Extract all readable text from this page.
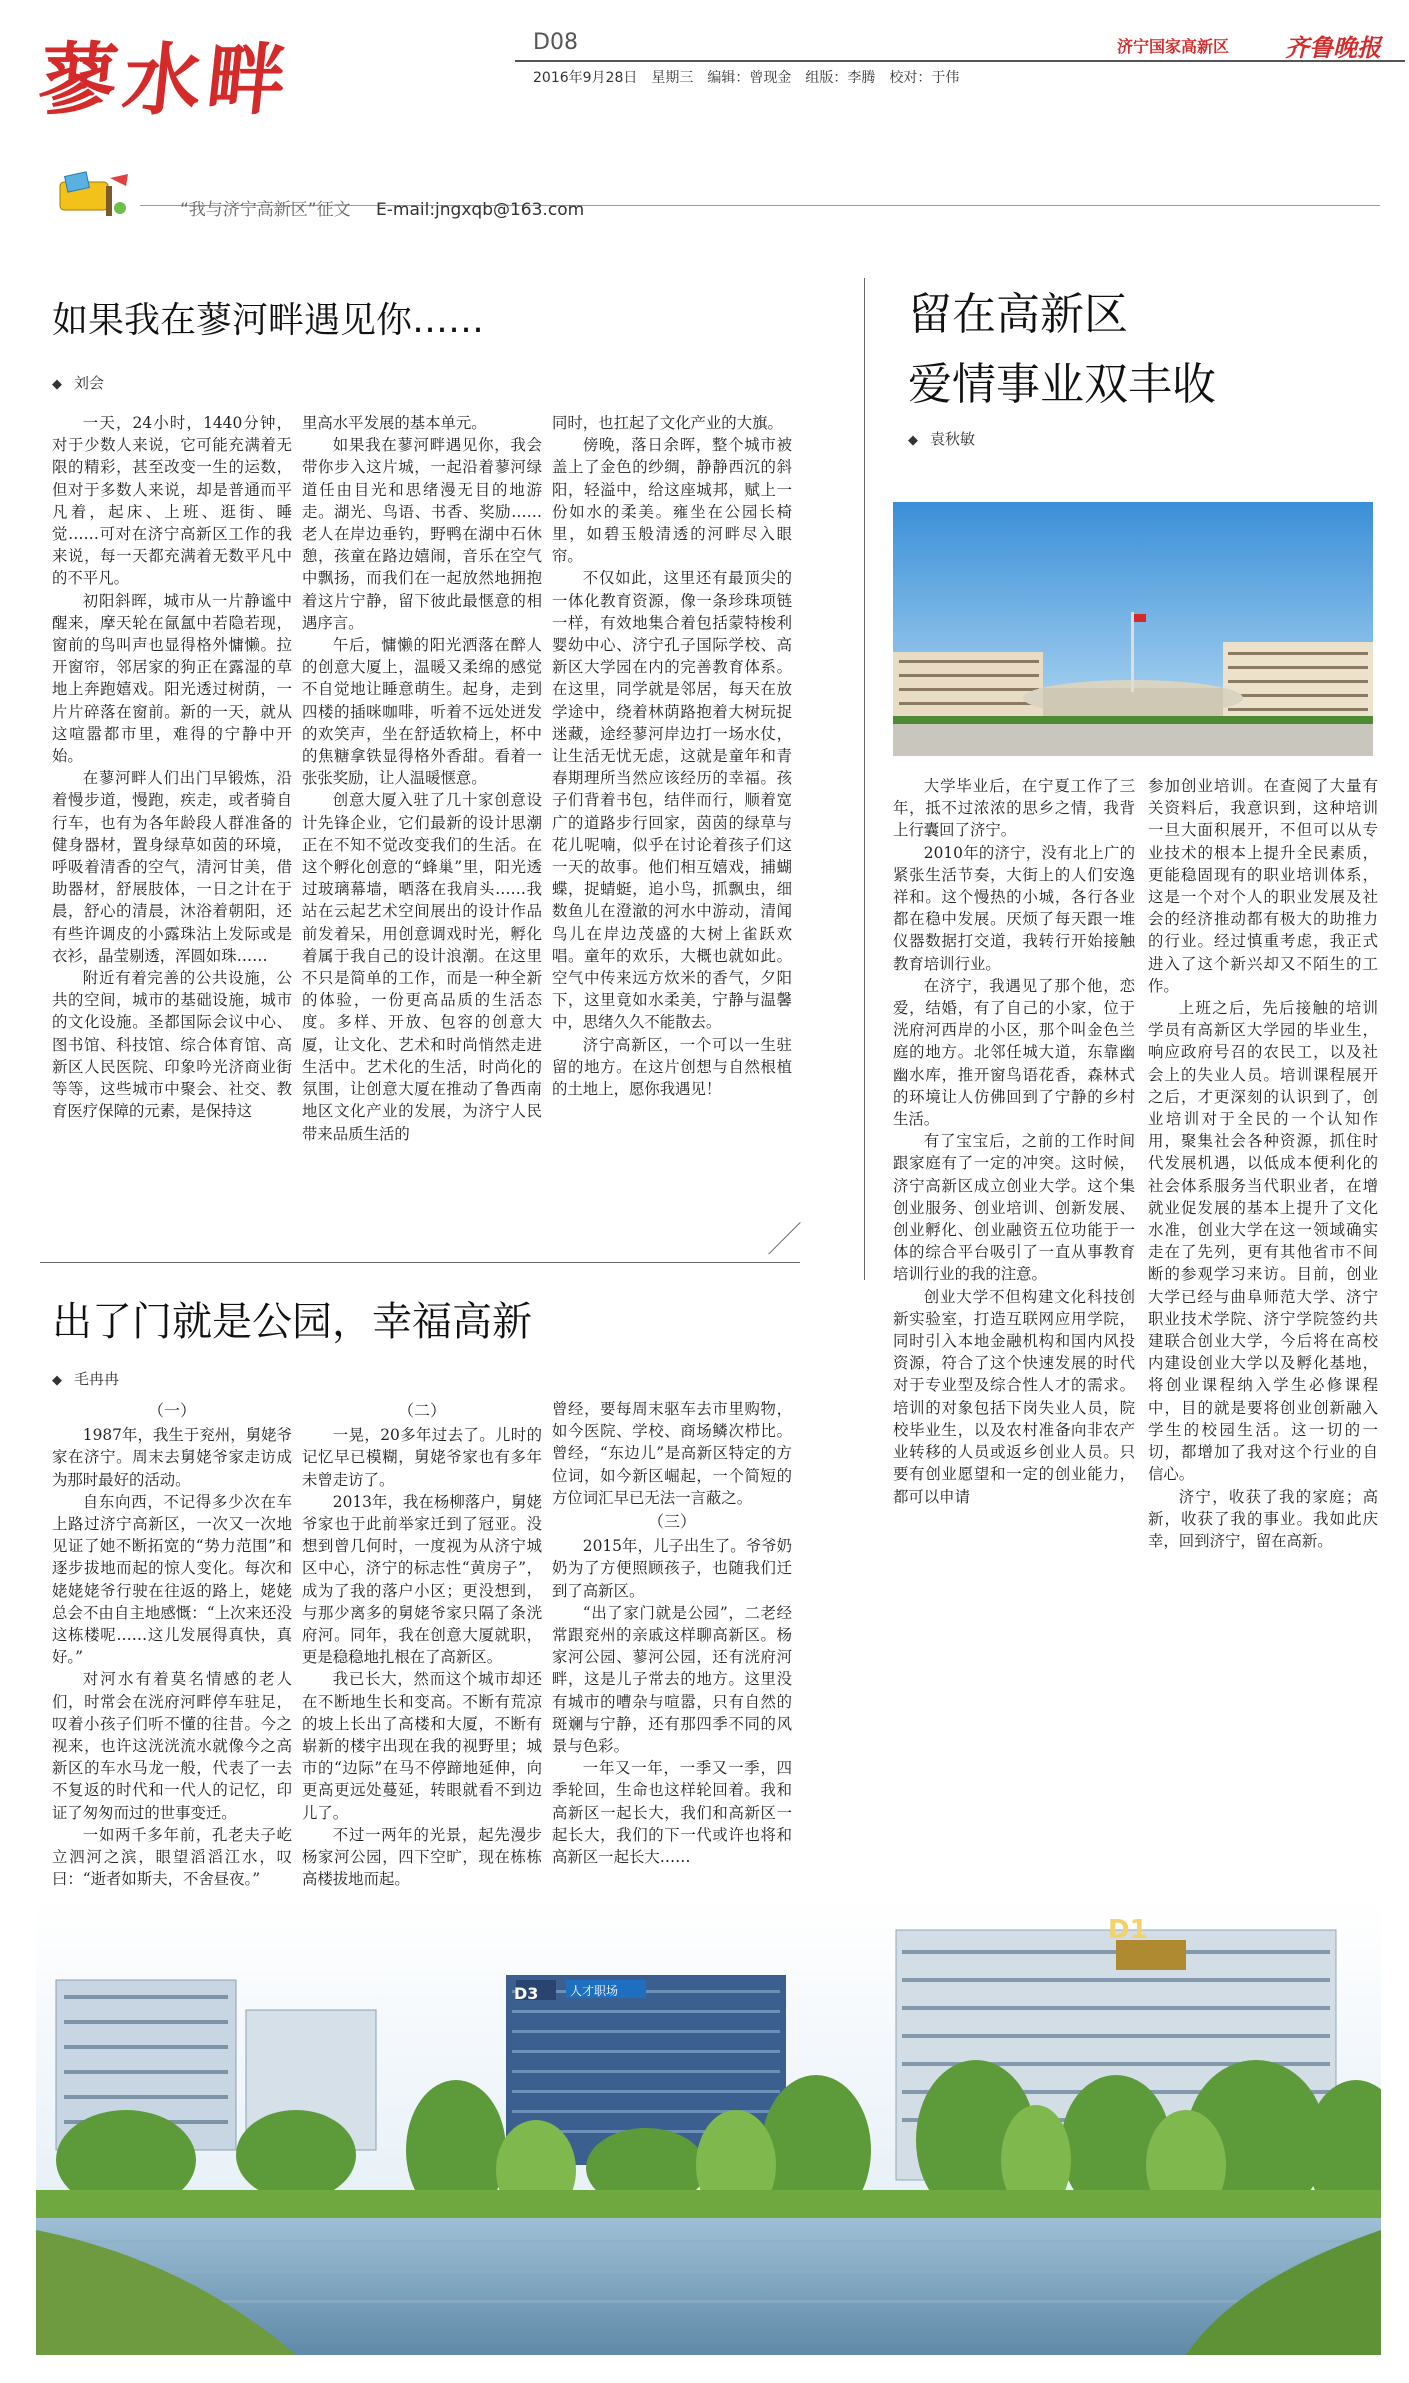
蓼水畔	D08
2016年9月28日　星期三　编辑：曾现金　组版：李腾　校对：于伟
济宁国家高新区 齐鲁晚报
“我与济宁高新区”征文 E-mail:jngxqb@163.com
如果我在蓼河畔遇见你……
◆ 刘会

一天，24小时，1440分钟，对于少数人来说，它可能充满着无限的精彩，甚至改变一生的运数，但对于多数人来说，却是普通而平凡着，起床、上班、逛街、睡觉……可对在济宁高新区工作的我来说，每一天都充满着无数平凡中的不平凡。

初阳斜晖，城市从一片静谧中醒来，摩天轮在氤氲中若隐若现，窗前的鸟叫声也显得格外慵懒。拉开窗帘，邻居家的狗正在露湿的草地上奔跑嬉戏。阳光透过树荫，一片片碎落在窗前。新的一天，就从这喧嚣都市里，难得的宁静中开始。

在蓼河畔人们出门早锻炼，沿着慢步道，慢跑，疾走，或者骑自行车，也有为各年龄段人群准备的健身器材，置身绿草如茵的环境，呼吸着清香的空气，清河甘美，借助器材，舒展肢体，一日之计在于晨，舒心的清晨，沐浴着朝阳，还有些许调皮的小露珠沾上发际或是衣衫，晶莹剔透，浑圆如珠……

附近有着完善的公共设施，公共的空间，城市的基础设施，城市的文化设施。圣都国际会议中心、图书馆、科技馆、综合体育馆、高新区人民医院、印象吟光济商业街等等，这些城市中聚会、社交、教育医疗保障的元素，是保持这

里高水平发展的基本单元。

如果我在蓼河畔遇见你，我会带你步入这片城，一起沿着蓼河绿道任由目光和思绪漫无目的地游走。湖光、鸟语、书香、奖励……老人在岸边垂钓，野鸭在湖中石休憩，孩童在路边嬉闹，音乐在空气中飘扬，而我们在一起放然地拥抱着这片宁静，留下彼此最惬意的相遇序言。

午后，慵懒的阳光洒落在醉人的创意大厦上，温暖又柔绵的感觉不自觉地让睡意萌生。起身，走到四楼的插咪咖啡，听着不远处迸发的欢笑声，坐在舒适软椅上，杯中的焦糖拿铁显得格外香甜。看着一张张奖励，让人温暖惬意。

创意大厦入驻了几十家创意设计先锋企业，它们最新的设计思潮正在不知不觉改变我们的生活。在这个孵化创意的“蜂巢”里，阳光透过玻璃幕墙，晒落在我肩头……我站在云起艺术空间展出的设计作品前发着呆，用创意调戏时光，孵化着属于我自己的设计浪潮。在这里不只是简单的工作，而是一种全新的体验，一份更高品质的生活态度。多样、开放、包容的创意大厦，让文化、艺术和时尚悄然走进生活中。艺术化的生活，时尚化的氛围，让创意大厦在推动了鲁西南地区文化产业的发展，为济宁人民带来品质生活的

同时，也扛起了文化产业的大旗。

傍晚，落日余晖，整个城市被盖上了金色的纱绸，静静西沉的斜阳，轻溢中，给这座城邦，赋上一份如水的柔美。雍坐在公园长椅里，如碧玉般清透的河畔尽入眼帘。

不仅如此，这里还有最顶尖的一体化教育资源，像一条珍珠项链一样，有效地集合着包括蒙特梭利婴幼中心、济宁孔子国际学校、高新区大学园在内的完善教育体系。在这里，同学就是邻居，每天在放学途中，绕着林荫路抱着大树玩捉迷藏，途经蓼河岸边打一场水仗，让生活无忧无虑，这就是童年和青春期理所当然应该经历的幸福。孩子们背着书包，结伴而行，顺着宽广的道路步行回家，茵茵的绿草与花儿呢喃，似乎在讨论着孩子们这一天的故事。他们相互嬉戏，捕蝴蝶，捉蜻蜓，追小鸟，抓飘虫，细数鱼儿在澄澈的河水中游动，清闻鸟儿在岸边茂盛的大树上雀跃欢唱。童年的欢乐，大概也就如此。空气中传来远方炊米的香气，夕阳下，这里竟如水柔美，宁静与温馨中，思绪久久不能散去。

济宁高新区，一个可以一生驻留的地方。在这片创想与自然根植的土地上，愿你我遇见！

留在高新区
爱情事业双丰收
◆ 袁秋敏

大学毕业后，在宁夏工作了三年，抵不过浓浓的思乡之情，我背上行囊回了济宁。

2010年的济宁，没有北上广的紧张生活节奏，大街上的人们安逸祥和。这个慢热的小城，各行各业都在稳中发展。厌烦了每天跟一堆仪器数据打交道，我转行开始接触教育培训行业。

在济宁，我遇见了那个他，恋爱，结婚，有了自己的小家，位于洸府河西岸的小区，那个叫金色兰庭的地方。北邻任城大道，东靠幽幽水库，推开窗鸟语花香，森林式的环境让人仿佛回到了宁静的乡村生活。

有了宝宝后，之前的工作时间跟家庭有了一定的冲突。这时候，济宁高新区成立创业大学。这个集创业服务、创业培训、创新发展、创业孵化、创业融资五位功能于一体的综合平台吸引了一直从事教育培训行业的我的注意。

创业大学不但构建文化科技创新实验室，打造互联网应用学院，同时引入本地金融机构和国内风投资源，符合了这个快速发展的时代对于专业型及综合性人才的需求。培训的对象包括下岗失业人员，院校毕业生，以及农村准备向非农产业转移的人员或返乡创业人员。只要有创业愿望和一定的创业能力，都可以申请

参加创业培训。在查阅了大量有关资料后，我意识到，这种培训一旦大面积展开，不但可以从专业技术的根本上提升全民素质，更能稳固现有的职业培训体系，这是一个对个人的职业发展及社会的经济推动都有极大的助推力的行业。经过慎重考虑，我正式进入了这个新兴却又不陌生的工作。

上班之后，先后接触的培训学员有高新区大学园的毕业生，响应政府号召的农民工，以及社会上的失业人员。培训课程展开之后，才更深刻的认识到了，创业培训对于全民的一个认知作用，聚集社会各种资源，抓住时代发展机遇，以低成本便利化的社会体系服务当代职业者，在增就业促发展的基本上提升了文化水准，创业大学在这一领域确实走在了先列，更有其他省市不间断的参观学习来访。目前，创业大学已经与曲阜师范大学、济宁职业技术学院、济宁学院签约共建联合创业大学，今后将在高校内建设创业大学以及孵化基地，将创业课程纳入学生必修课程中，目的就是要将创业创新融入学生的校园生活。这一切的一切，都增加了我对这个行业的自信心。

济宁，收获了我的家庭；高新，收获了我的事业。我如此庆幸，回到济宁，留在高新。

出了门就是公园，幸福高新
◆ 毛冉冉
（一）

1987年，我生于兖州，舅姥爷家在济宁。周末去舅姥爷家走访成为那时最好的活动。

自东向西，不记得多少次在车上路过济宁高新区，一次又一次地见证了她不断拓宽的“势力范围”和逐步拔地而起的惊人变化。每次和姥姥姥爷行驶在往返的路上，姥姥总会不由自主地感慨：“上次来还没这栋楼呢……这儿发展得真快，真好。”

对河水有着莫名情感的老人们，时常会在洸府河畔停车驻足，叹着小孩子们听不懂的往昔。今之视来，也许这洸洸流水就像今之高新区的车水马龙一般，代表了一去不复返的时代和一代人的记忆，印证了匆匆而过的世事变迁。

一如两千多年前，孔老夫子屹立泗河之滨，眼望滔滔江水，叹曰：“逝者如斯夫，不舍昼夜。”

（二）

一晃，20多年过去了。儿时的记忆早已模糊，舅姥爷家也有多年未曾走访了。

2013年，我在杨柳落户，舅姥爷家也于此前举家迁到了冠亚。没想到曾几何时，一度视为从济宁城区中心，济宁的标志性“黄房子”，成为了我的落户小区；更没想到，与那少离多的舅姥爷家只隔了条洸府河。同年，我在创意大厦就职，更是稳稳地扎根在了高新区。

我已长大，然而这个城市却还在不断地生长和变高。不断有荒凉的坡上长出了高楼和大厦，不断有崭新的楼宇出现在我的视野里；城市的“边际”在马不停蹄地延伸，向更高更远处蔓延，转眼就看不到边儿了。

不过一两年的光景，起先漫步杨家河公园，四下空旷，现在栋栋高楼拔地而起。

曾经，要每周末驱车去市里购物，如今医院、学校、商场鳞次栉比。曾经，“东边儿”是高新区特定的方位词，如今新区崛起，一个简短的方位词汇早已无法一言蔽之。

（三）

2015年，儿子出生了。爷爷奶奶为了方便照顾孩子，也随我们迁到了高新区。

“出了家门就是公园”，二老经常跟兖州的亲戚这样聊高新区。杨家河公园、蓼河公园，还有洸府河畔，这是儿子常去的地方。这里没有城市的嘈杂与喧嚣，只有自然的斑斓与宁静，还有那四季不同的风景与色彩。

一年又一年，一季又一季，四季轮回，生命也这样轮回着。我和高新区一起长大，我们和高新区一起长大，我们的下一代或许也将和高新区一起长大……

D1
D3	人才职场
